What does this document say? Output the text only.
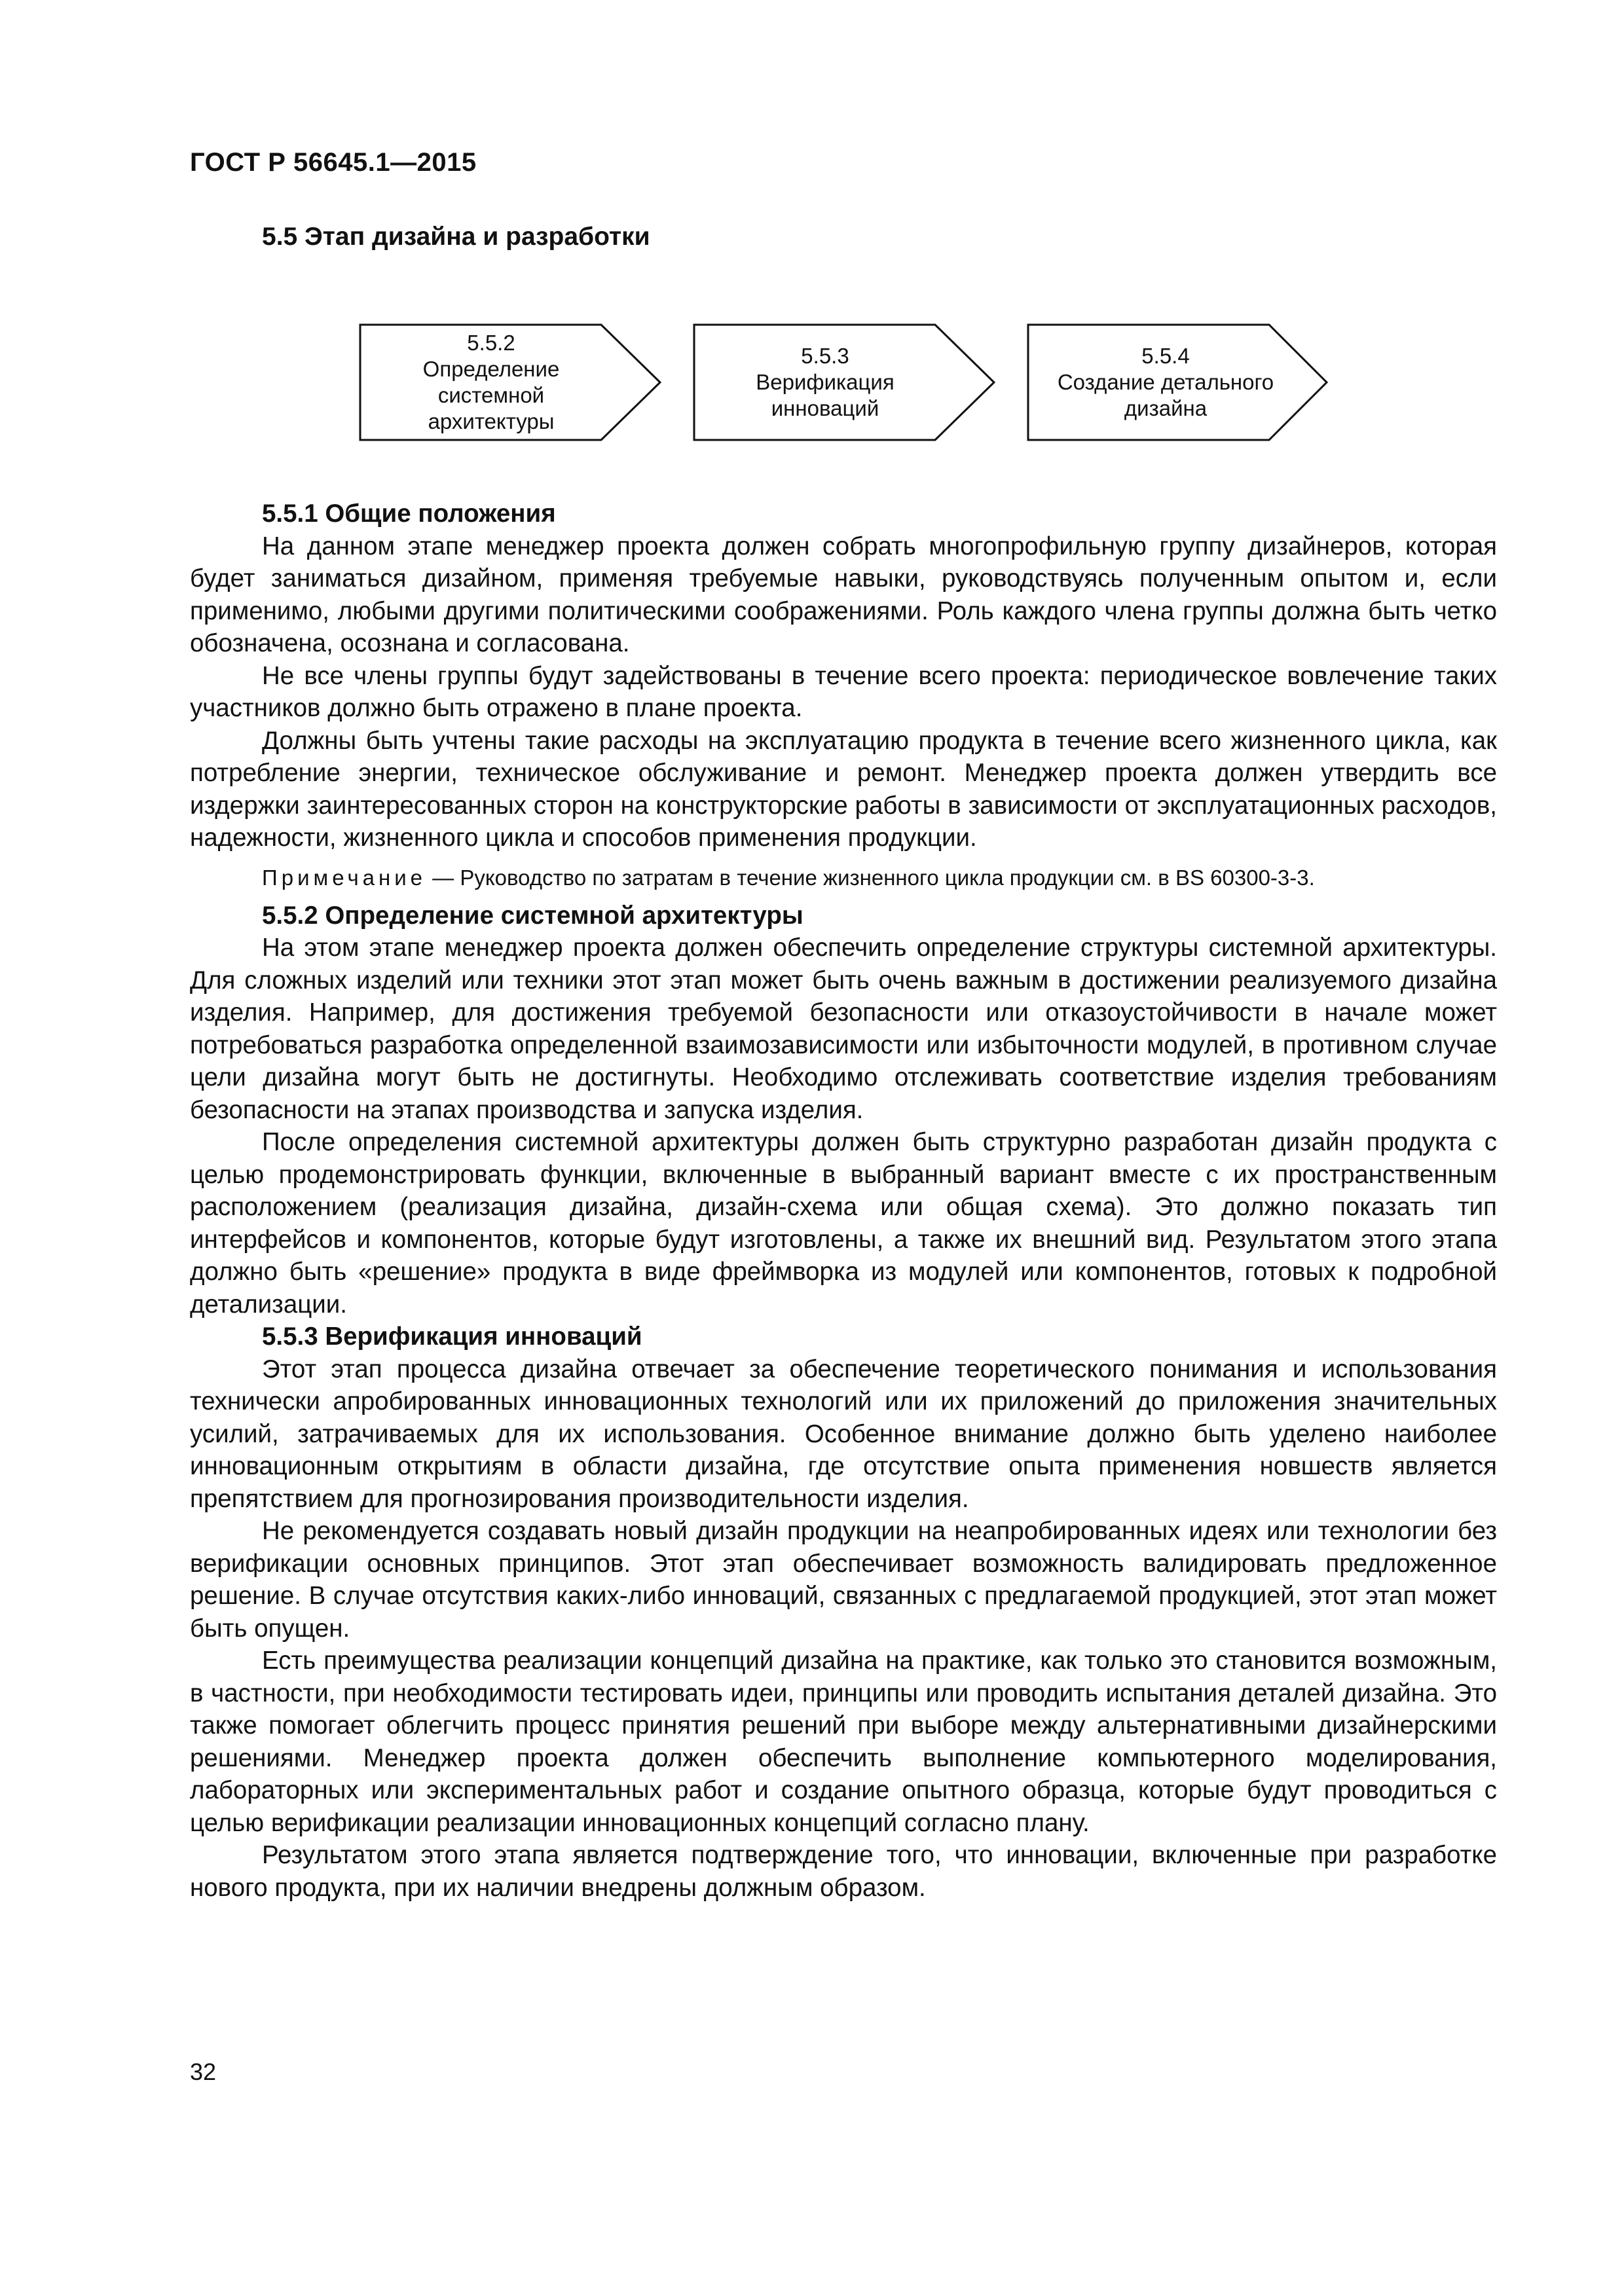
ГОСТ Р 56645.1—2015
5.5 Этап дизайна и разработки
5.5.2
Определение
системной
архитектуры
5.5.3
Верификация
инноваций
5.5.4
Создание детального
дизайна
5.5.1 Общие положения

На данном этапе менеджер проекта должен собрать многопрофильную группу дизайнеров, которая будет заниматься дизайном, применяя требуемые навыки, руководствуясь полученным опытом и, если применимо, любыми другими политическими соображениями. Роль каждого члена группы должна быть четко обозначена, осознана и согласована.

Не все члены группы будут задействованы в течение всего проекта: периодическое вовлечение таких участников должно быть отражено в плане проекта.

Должны быть учтены такие расходы на эксплуатацию продукта в течение всего жизненного цикла, как потребление энергии, техническое обслуживание и ремонт. Менеджер проекта должен утвердить все издержки заинтересованных сторон на конструкторские работы в зависимости от эксплуатационных расходов, надежности, жизненного цикла и способов применения продукции.

Примечание — Руководство по затратам в течение жизненного цикла продукции см. в BS 60300-3-3.

5.5.2 Определение системной архитектуры

На этом этапе менеджер проекта должен обеспечить определение структуры системной архитектуры. Для сложных изделий или техники этот этап может быть очень важным в достижении реализуемого дизайна изделия. Например, для достижения требуемой безопасности или отказоустойчивости в начале может потребоваться разработка определенной взаимозависимости или избыточности модулей, в противном случае цели дизайна могут быть не достигнуты. Необходимо отслеживать соответствие изделия требованиям безопасности на этапах производства и запуска изделия.

После определения системной архитектуры должен быть структурно разработан дизайн продукта с целью продемонстрировать функции, включенные в выбранный вариант вместе с их пространственным расположением (реализация дизайна, дизайн-схема или общая схема). Это должно показать тип интерфейсов и компонентов, которые будут изготовлены, а также их внешний вид. Результатом этого этапа должно быть «решение» продукта в виде фреймворка из модулей или компонентов, готовых к подробной детализации.

5.5.3 Верификация инноваций

Этот этап процесса дизайна отвечает за обеспечение теоретического понимания и использования технически апробированных инновационных технологий или их приложений до приложения значительных усилий, затрачиваемых для их использования. Особенное внимание должно быть уделено наиболее инновационным открытиям в области дизайна, где отсутствие опыта применения новшеств является препятствием для прогнозирования производительности изделия.

Не рекомендуется создавать новый дизайн продукции на неапробированных идеях или технологии без верификации основных принципов. Этот этап обеспечивает возможность валидировать предложенное решение. В случае отсутствия каких-либо инноваций, связанных с предлагаемой продукцией, этот этап может быть опущен.

Есть преимущества реализации концепций дизайна на практике, как только это становится возможным, в частности, при необходимости тестировать идеи, принципы или проводить испытания деталей дизайна. Это также помогает облегчить процесс принятия решений при выборе между альтернативными дизайнерскими решениями. Менеджер проекта должен обеспечить выполнение компьютерного моделирования, лабораторных или экспериментальных работ и создание опытного образца, которые будут проводиться с целью верификации реализации инновационных концепций согласно плану.

Результатом этого этапа является подтверждение того, что инновации, включенные при разработке нового продукта, при их наличии внедрены должным образом.

32
